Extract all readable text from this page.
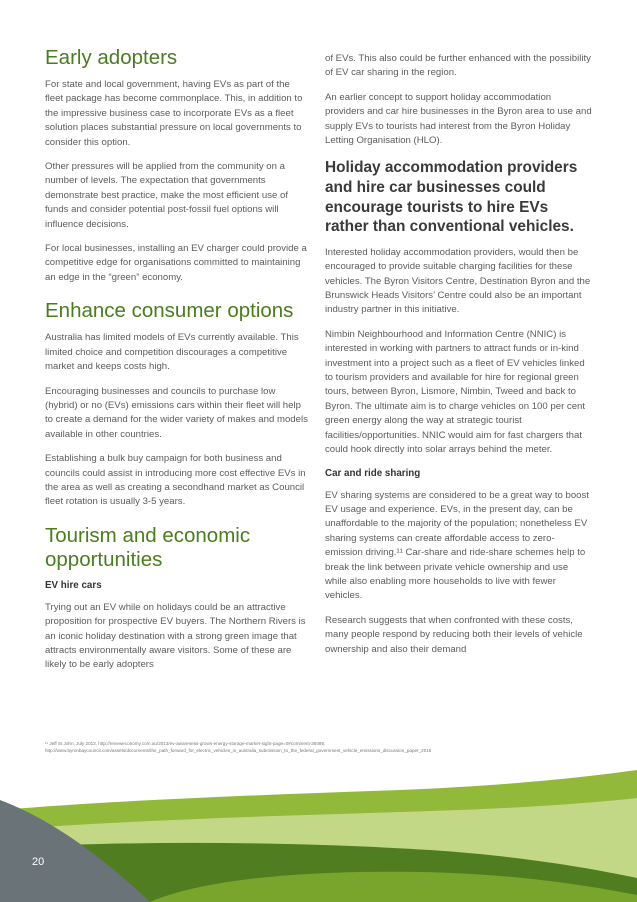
Early adopters

For state and local government, having EVs as part of the fleet package has become commonplace. This, in addition to the impressive business case to incorporate EVs as a fleet solution places substantial pressure on local governments to consider this option.

Other pressures will be applied from the community on a number of levels. The expectation that governments demonstrate best practice, make the most efficient use of funds and consider potential post-fossil fuel options will influence decisions.

For local businesses, installing an EV charger could provide a competitive edge for organisations committed to maintaining an edge in the “green” economy.

Enhance consumer options

Australia has limited models of EVs currently available. This limited choice and competition discourages a competitive market and keeps costs high.

Encouraging businesses and councils to purchase low (hybrid) or no (EVs) emissions cars within their fleet will help to create a demand for the wider variety of makes and models available in other countries.

Establishing a bulk buy campaign for both business and councils could assist in introducing more cost effective EVs in the area as well as creating a secondhand market as Council fleet rotation is usually 3-5 years.

Tourism and economic opportunities
EV hire cars

Trying out an EV while on holidays could be an attractive proposition for prospective EV buyers. The Northern Rivers is an iconic holiday destination with a strong green image that attracts environmentally aware visitors. Some of these are likely to be early adopters

of EVs. This also could be further enhanced with the possibility of EV car sharing in the region.

An earlier concept to support holiday accommodation providers and car hire businesses in the Byron area to use and supply EVs to tourists had interest from the Byron Holiday Letting Organisation (HLO).

Holiday accommodation providers and hire car businesses could encourage tourists to hire EVs rather than conventional vehicles.

Interested holiday accommodation providers, would then be encouraged to provide suitable charging facilities for these vehicles. The Byron Visitors Centre, Destination Byron and the Brunswick Heads Visitors’ Centre could also be an important industry partner in this initiative.

Nimbin Neighbourhood and Information Centre (NNIC) is interested in working with partners to attract funds or in-kind investment into a project such as a fleet of EV vehicles linked to tourism providers and available for hire for regional green tours, between Byron, Lismore, Nimbin, Tweed and back to Byron. The ultimate aim is to charge vehicles on 100 per cent green energy along the way at strategic tourist facilities/opportunities. NNIC would aim for fast chargers that could hook directly into solar arrays behind the meter.

Car and ride sharing

EV sharing systems are considered to be a great way to boost EV usage and experience. EVs, in the present day, can be unaffordable to the majority of the population; nonetheless EV sharing systems can create affordable access to zero-emission driving.¹¹ Car-share and ride-share schemes help to break the link between private vehicle ownership and use while also enabling more households to live with fewer vehicles.

Research suggests that when confronted with these costs, many people respond by reducing both their levels of vehicle ownership and also their demand

¹¹ Jeff St John, July 2013, http://reneweconomy.com.au/2013/ev-awareness-grows-energy-storage-market-sight-page=0#comment-39485; http://www.byronbaycouncil.com/assets/documents/the_path_forward_for_electric_vehicles_in_australia_submission_to_the_federal_government_vehicle_emissions_discussion_paper_2016
20
